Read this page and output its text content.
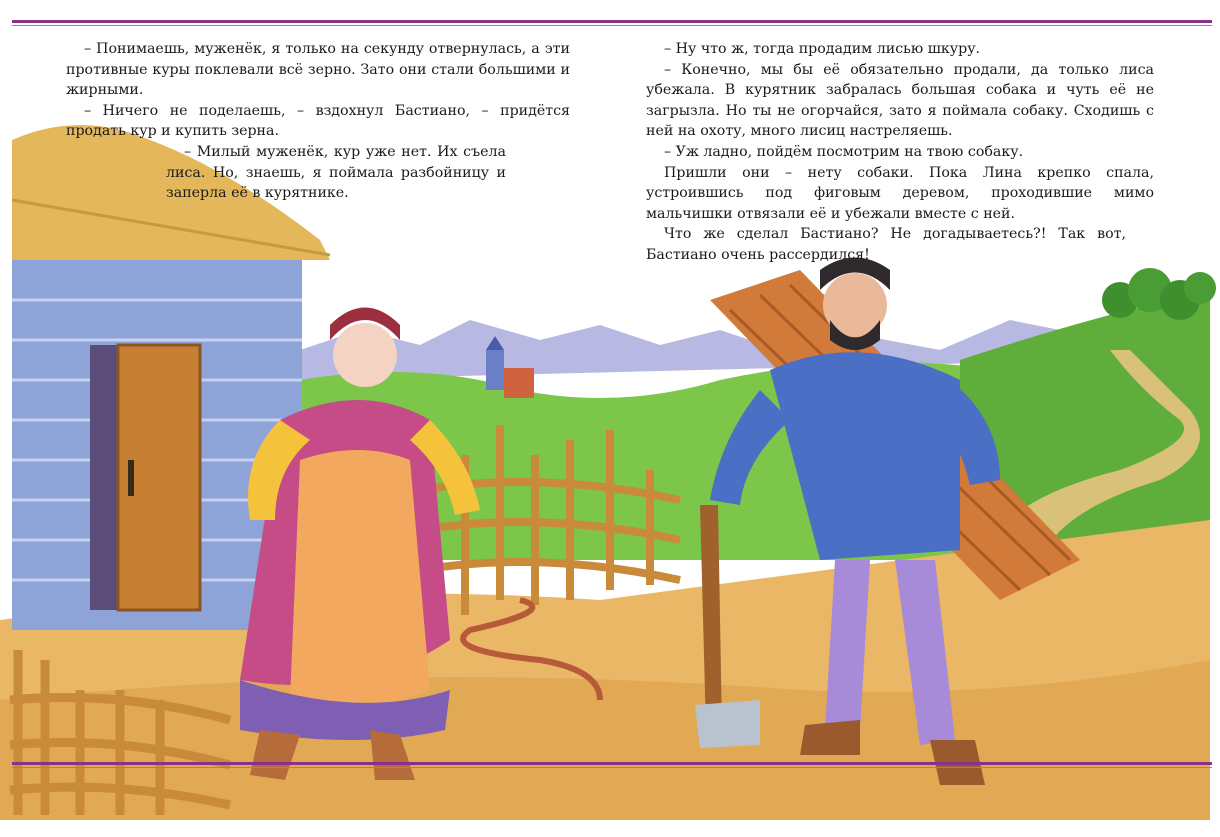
– Понимаешь, муженёк, я только на секунду отвернулась, а эти противные куры поклевали всё зерно. Зато они стали большими и жирными.

– Ничего не поделаешь, – вздохнул Бастиано, – придётся продать кур и купить зерна.

– Милый муженёк, кур уже нет. Их съела лиса. Но, знаешь, я поймала разбойницу и заперла её в курятнике.

– Ну что ж, тогда продадим лисью шкуру.

– Конечно, мы бы её обязательно продали, да только лиса убежала. В курятник забралась большая собака и чуть её не загрызла. Но ты не огорчайся, зато я поймала собаку. Сходишь с ней на охоту, много лисиц настреляешь.

– Уж ладно, пойдём посмотрим на твою собаку.

Пришли они – нету собаки. Пока Лина крепко спала, устроившись под фиговым деревом, проходившие мимо мальчишки отвязали её и убежали вместе с ней.

Что же сделал Бастиано? Не догадываетесь?! Так вот, Бастиано очень рассердился!
